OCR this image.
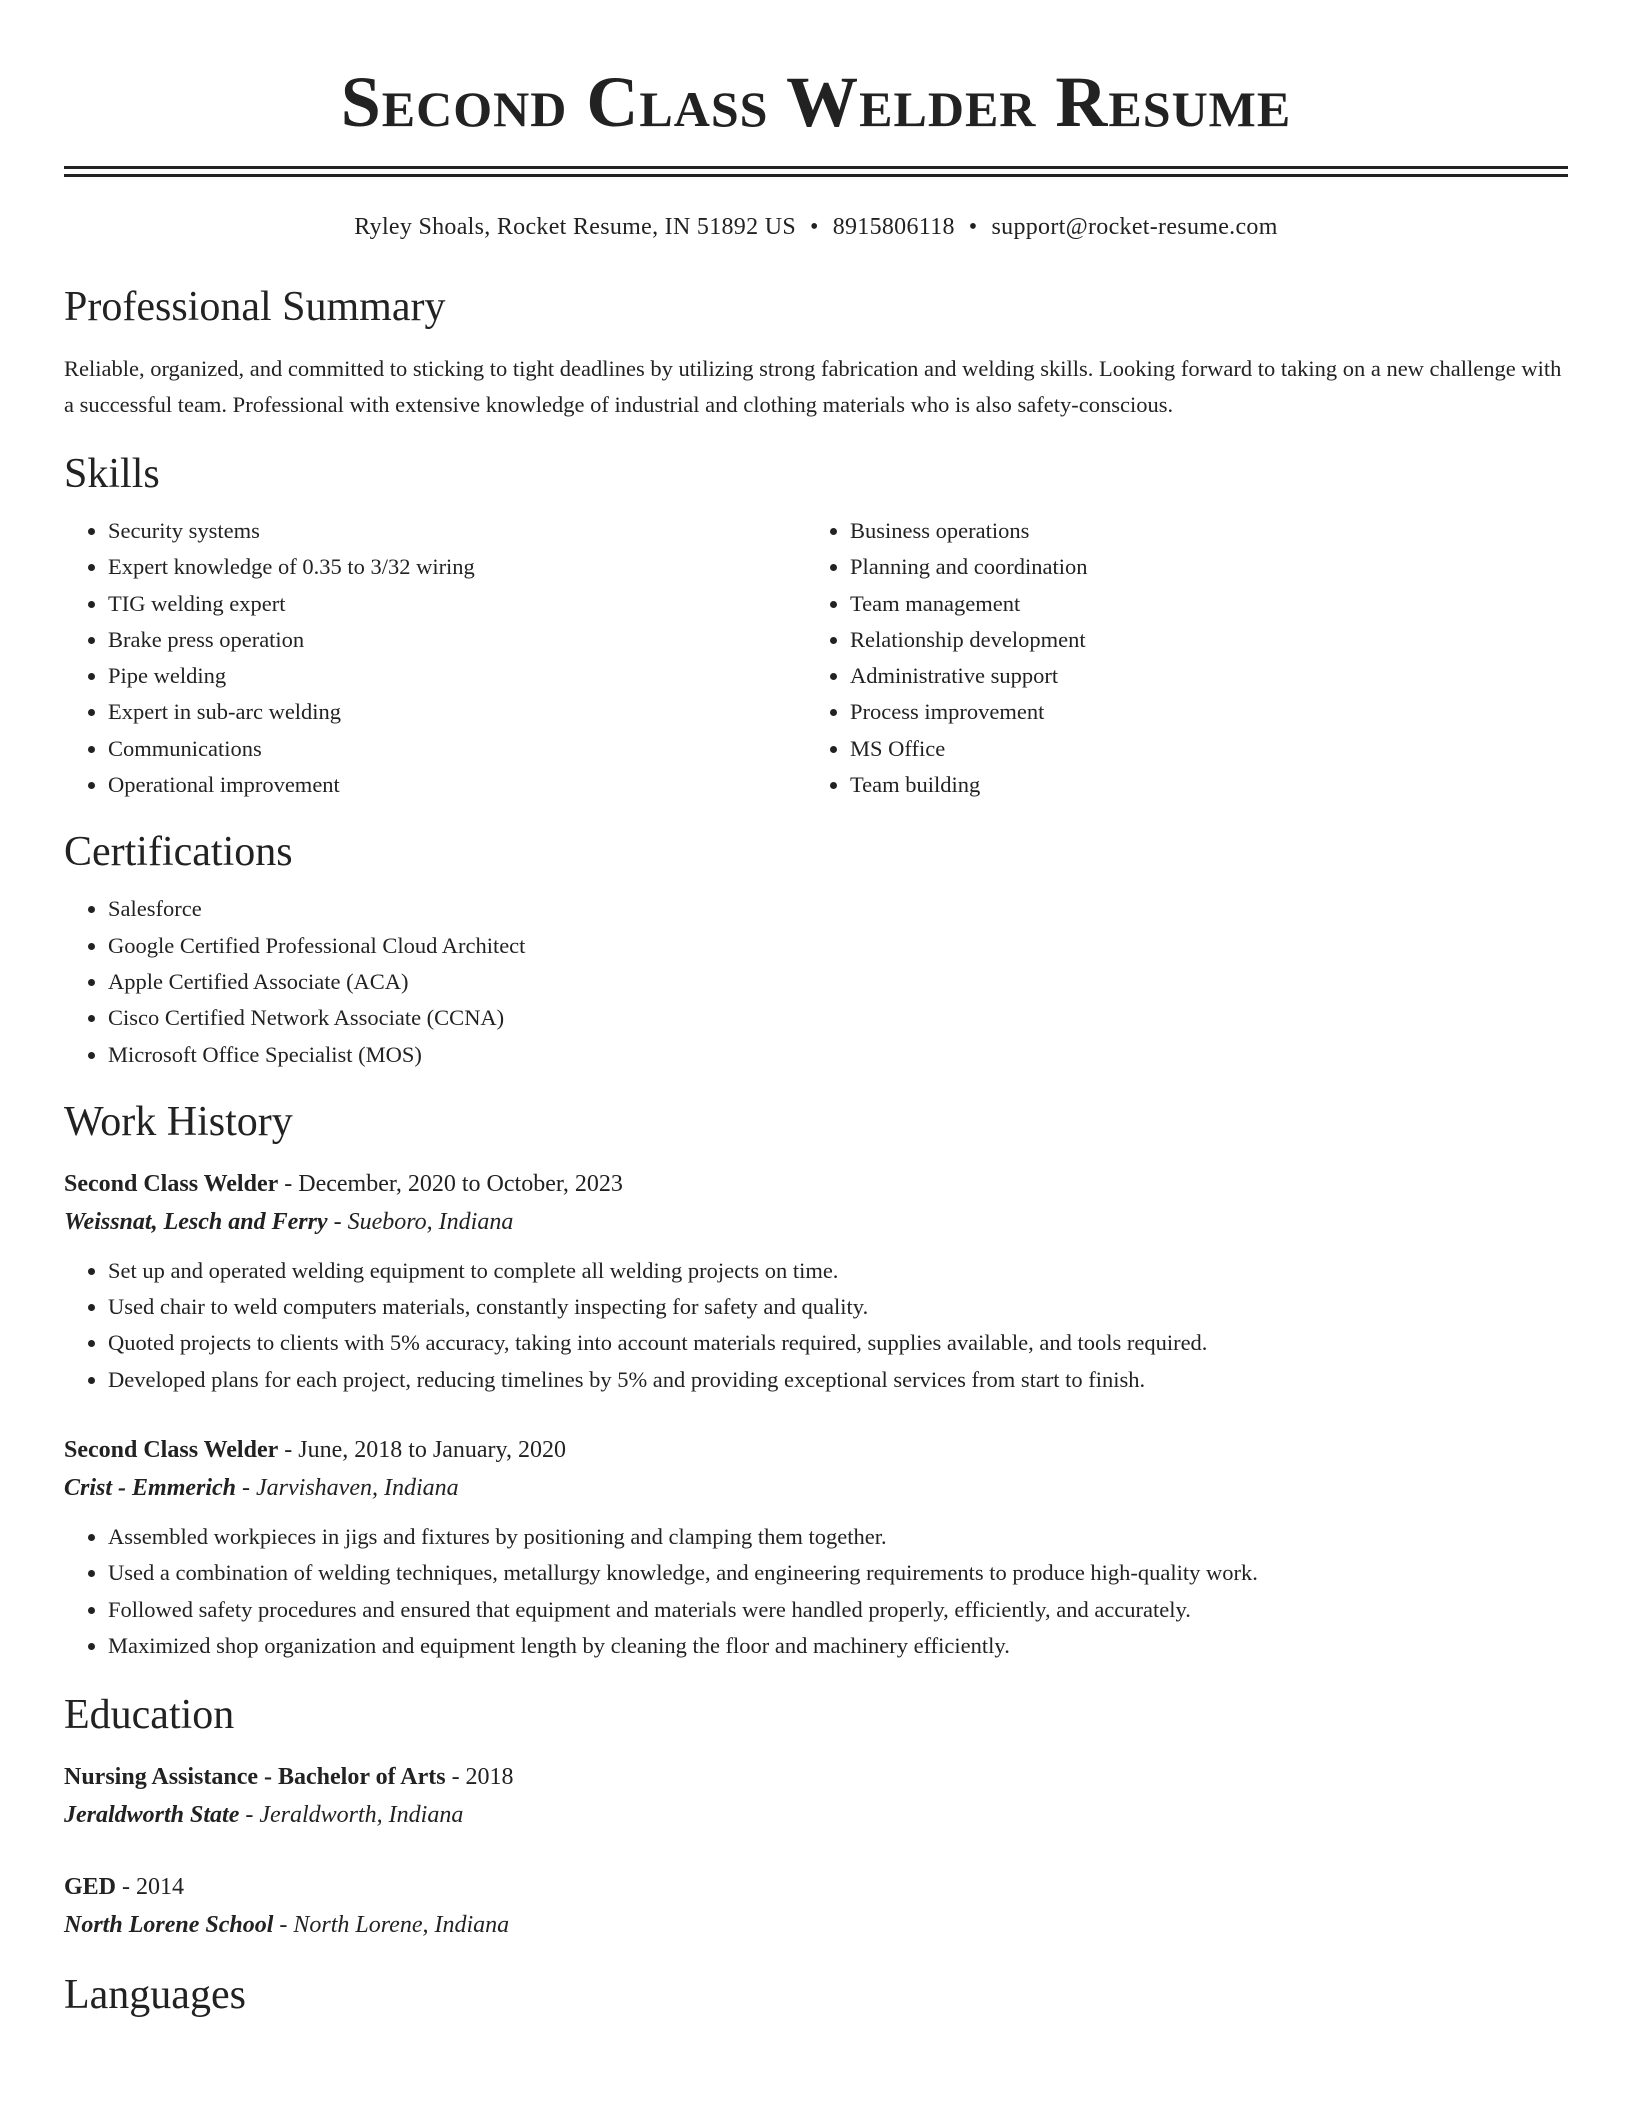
Second Class Welder Resume
Ryley Shoals, Rocket Resume, IN 51892 US • 8915806118 • support@rocket-resume.com
Professional Summary

Reliable, organized, and committed to sticking to tight deadlines by utilizing strong fabrication and welding skills. Looking forward to taking on a new challenge with a successful team. Professional with extensive knowledge of industrial and clothing materials who is also safety-conscious.

Skills
• Security systems
• Expert knowledge of 0.35 to 3/32 wiring
• TIG welding expert
• Brake press operation
• Pipe welding
• Expert in sub-arc welding
• Communications
• Operational improvement
• Business operations
• Planning and coordination
• Team management
• Relationship development
• Administrative support
• Process improvement
• MS Office
• Team building
Certifications
• Salesforce
• Google Certified Professional Cloud Architect
• Apple Certified Associate (ACA)
• Cisco Certified Network Associate (CCNA)
• Microsoft Office Specialist (MOS)
Work History
Second Class Welder - December, 2020 to October, 2023
Weissnat, Lesch and Ferry - Sueboro, Indiana
• Set up and operated welding equipment to complete all welding projects on time.
• Used chair to weld computers materials, constantly inspecting for safety and quality.
• Quoted projects to clients with 5% accuracy, taking into account materials required, supplies available, and tools required.
• Developed plans for each project, reducing timelines by 5% and providing exceptional services from start to finish.
Second Class Welder - June, 2018 to January, 2020
Crist - Emmerich - Jarvishaven, Indiana
• Assembled workpieces in jigs and fixtures by positioning and clamping them together.
• Used a combination of welding techniques, metallurgy knowledge, and engineering requirements to produce high-quality work.
• Followed safety procedures and ensured that equipment and materials were handled properly, efficiently, and accurately.
• Maximized shop organization and equipment length by cleaning the floor and machinery efficiently.
Education
Nursing Assistance - Bachelor of Arts - 2018
Jeraldworth State - Jeraldworth, Indiana
GED - 2014
North Lorene School - North Lorene, Indiana
Languages
